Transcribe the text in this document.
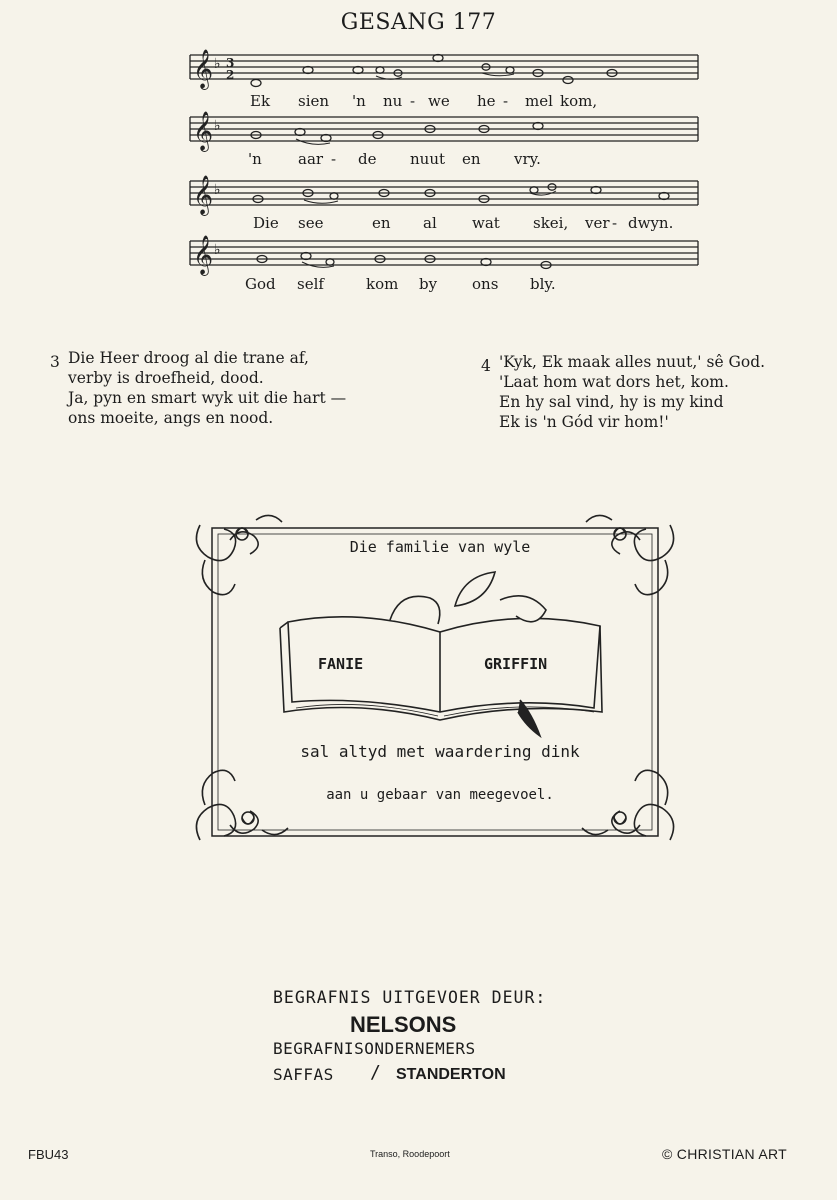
GESANG 177
𝄞
𝄞
𝄞
𝄞
♭
♭
♭
♭
3
2
Ek sien 'n nu - we he - mel kom,
'n aar - de nuut en vry.
Die see	en al wat skei, ver - dwyn.
God self	kom by ons bly.
3 Die Heer droog al die trane af,
verby is droefheid, dood.
Ja, pyn en smart wyk uit die hart —
ons moeite, angs en nood.
4 'Kyk, Ek maak alles nuut,' sê God.
'Laat hom wat dors het, kom.
En hy sal vind, hy is my kind
Ek is 'n Gód vir hom!'
Die familie van wyle
FANIE	GRIFFIN
sal altyd met waardering dink
aan u gebaar van meegevoel.
BEGRAFNIS UITGEVOER DEUR:
NELSONS
BEGRAFNISONDERNEMERS
SAFFAS / STANDERTON
FBU43	Transo, Roodepoort	© CHRISTIAN ART
